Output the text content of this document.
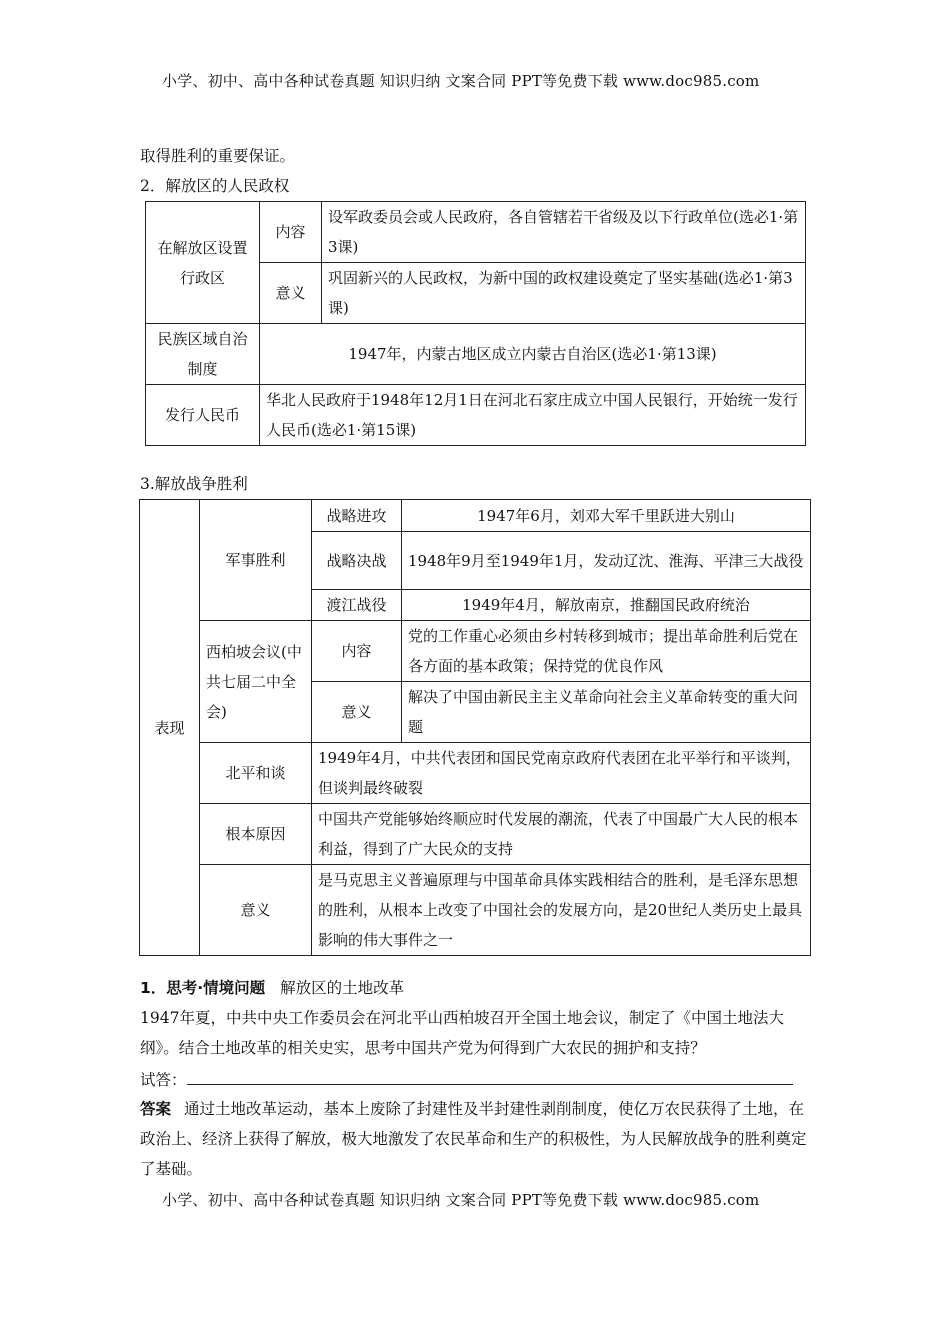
小学、初中、高中各种试卷真题 知识归纳 文案合同 PPT等免费下载 www.doc985.com
取得胜利的重要保证。
2．解放区的人民政权
在解放区设置行政区	内容	设军政委员会或人民政府，各自管辖若干省级及以下行政单位(选必1·第3课)
	意义	巩固新兴的人民政权，为新中国的政权建设奠定了坚实基础(选必1·第3课)
民族区域自治制度	1947年，内蒙古地区成立内蒙古自治区(选必1·第13课)	
发行人民币	华北人民政府于1948年12月1日在河北石家庄成立中国人民银行，开始统一发行人民币(选必1·第15课)	
3.解放战争胜利
表现	军事胜利	战略进攻	1947年6月，刘邓大军千里跃进大别山
		战略决战	1948年9月至1949年1月，发动辽沈、淮海、平津三大战役
		渡江战役	1949年4月，解放南京，推翻国民政府统治
	西柏坡会议(中共七届二中全会)	内容	党的工作重心必须由乡村转移到城市；提出革命胜利后党在各方面的基本政策；保持党的优良作风
		意义	解决了中国由新民主主义革命向社会主义革命转变的重大问题
	北平和谈	1949年4月，中共代表团和国民党南京政府代表团在北平举行和平谈判，但谈判最终破裂	
	根本原因	中国共产党能够始终顺应时代发展的潮流，代表了中国最广大人民的根本利益，得到了广大民众的支持	
	意义	是马克思主义普遍原理与中国革命具体实践相结合的胜利，是毛泽东思想的胜利，从根本上改变了中国社会的发展方向，是20世纪人类历史上最具影响的伟大事件之一	
1．思考·情境问题 解放区的土地改革
1947年夏，中共中央工作委员会在河北平山西柏坡召开全国土地会议，制定了《中国土地法大纲》。结合土地改革的相关史实，思考中国共产党为何得到广大农民的拥护和支持？
试答：
答案 通过土地改革运动，基本上废除了封建性及半封建性剥削制度，使亿万农民获得了土地，在政治上、经济上获得了解放，极大地激发了农民革命和生产的积极性，为人民解放战争的胜利奠定了基础。
小学、初中、高中各种试卷真题 知识归纳 文案合同 PPT等免费下载 www.doc985.com
